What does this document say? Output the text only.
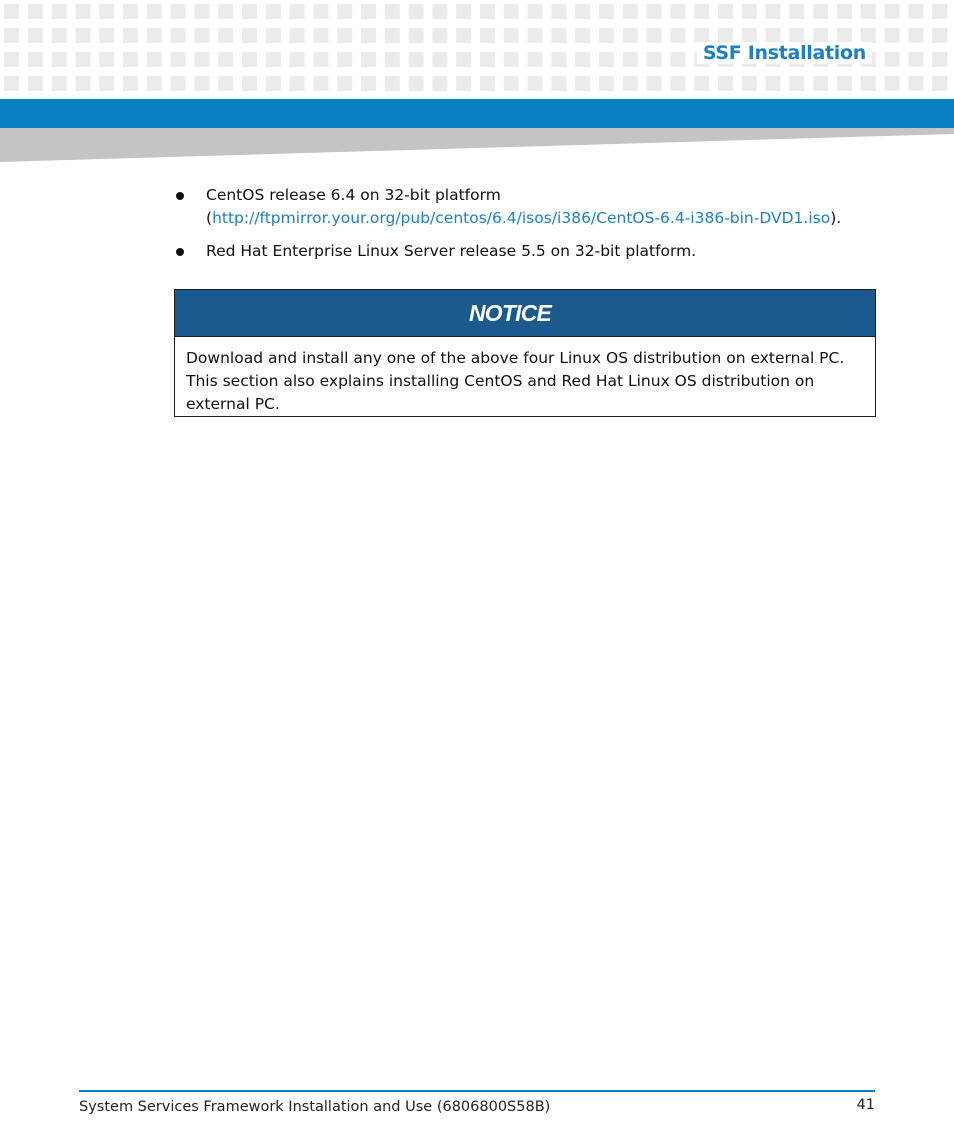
SSF Installation
CentOS release 6.4 on 32-bit platform
(http://ftpmirror.your.org/pub/centos/6.4/isos/i386/CentOS-6.4-i386-bin-DVD1.iso).
Red Hat Enterprise Linux Server release 5.5 on 32-bit platform.
NOTICE
Download and install any one of the above four Linux OS distribution on external PC. This section also explains installing CentOS and Red Hat Linux OS distribution on external PC.
System Services Framework Installation and Use (6806800S58B)	41
